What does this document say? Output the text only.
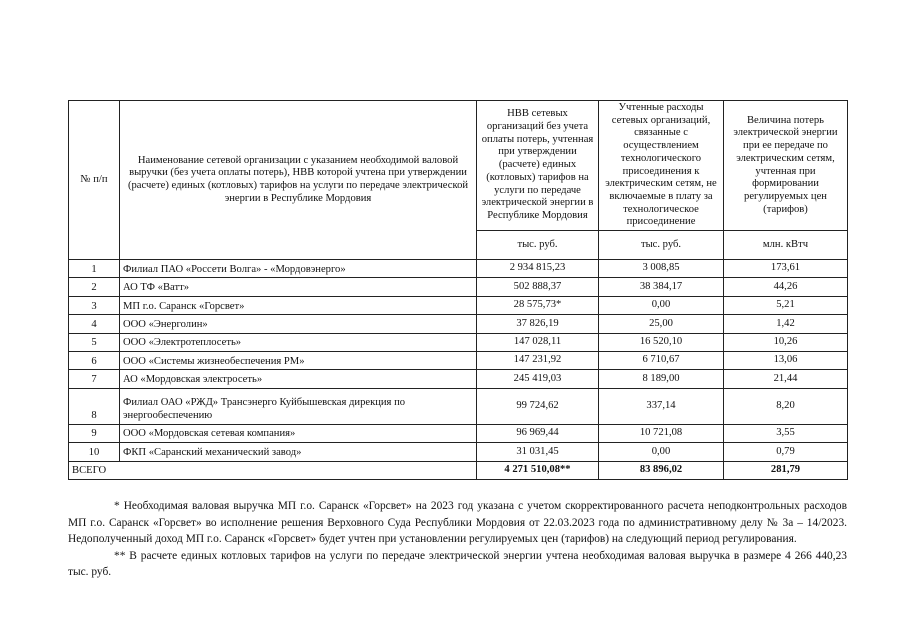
№ п/п	Наименование сетевой организации с указанием необходимой валовой выручки (без учета оплаты потерь), НВВ которой учтена при утверждении (расчете) единых (котловых) тарифов на услуги по передаче электрической энергии в Республике Мордовия	НВВ сетевых организаций без учета оплаты потерь, учтенная при утверждении (расчете) единых (котловых) тарифов на услуги по передаче электрической энергии в Республике Мордовия	Учтенные расходы сетевых организаций, связанные с осуществлением технологического присоединения к электрическим сетям, не включаемые в плату за технологическое присоединение	Величина потерь электрической энергии при ее передаче по электрическим сетям, учтенная при формировании регулируемых цен (тарифов)
		тыс. руб.	тыс. руб.	млн. кВтч
1	Филиал ПАО «Россети Волга» - «Мордовэнерго»	2 934 815,23	3 008,85	173,61
2	АО ТФ «Ватт»	502 888,37	38 384,17	44,26
3	МП г.о. Саранск «Горсвет»	28 575,73*	0,00	5,21
4	ООО «Энерголин»	37 826,19	25,00	1,42
5	ООО «Электротеплосеть»	147 028,11	16 520,10	10,26
6	ООО «Системы жизнеобеспечения РМ»	147 231,92	6 710,67	13,06
7	АО «Мордовская электросеть»	245 419,03	8 189,00	21,44
8	Филиал ОАО «РЖД» Трансэнерго Куйбышевская дирекция по энергообеспечению	99 724,62	337,14	8,20
9	ООО «Мордовская сетевая компания»	96 969,44	10 721,08	3,55
10	ФКП «Саранский механический завод»	31 031,45	0,00	0,79
ВСЕГО		4 271 510,08**	83 896,02	281,79

* Необходимая валовая выручка МП г.о. Саранск «Горсвет» на 2023 год указана с учетом скорректированного расчета неподконтрольных расходов МП г.о. Саранск «Горсвет» во исполнение решения Верховного Суда Республики Мордовия от 22.03.2023 года по административному делу № 3а – 14/2023. Недополученный доход МП г.о. Саранск «Горсвет» будет учтен при установлении регулируемых цен (тарифов) на следующий период регулирования.

** В расчете единых котловых тарифов на услуги по передаче электрической энергии учтена необходимая валовая выручка в размере 4 266 440,23 тыс. руб.
